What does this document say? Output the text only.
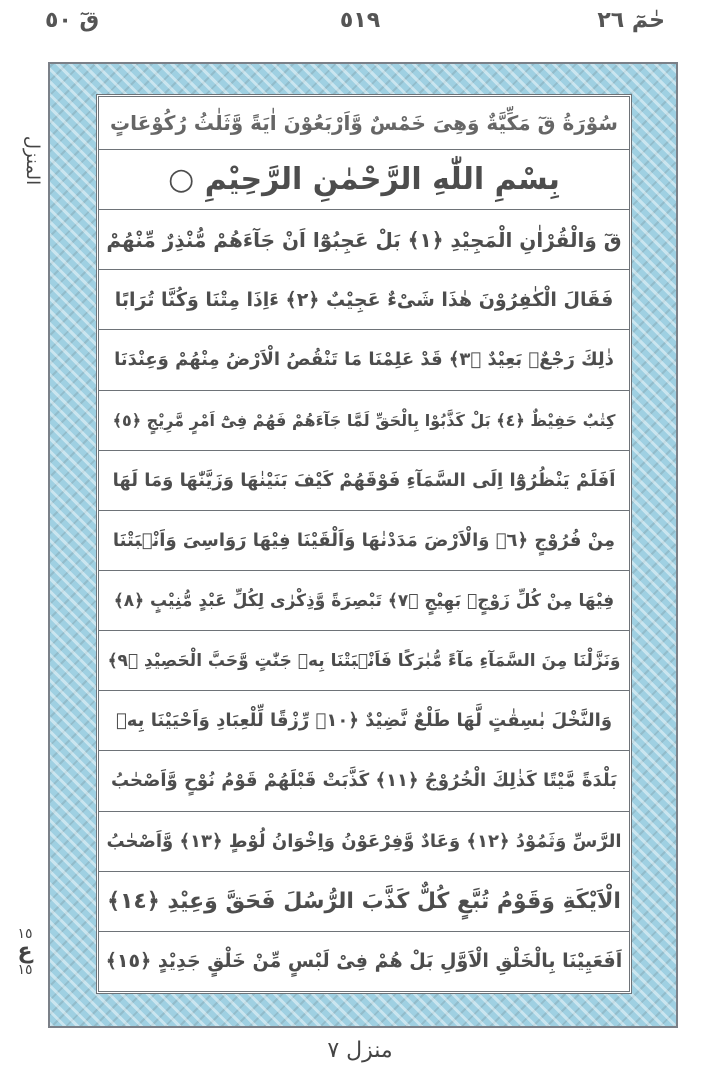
حٰمٓ ٢٦
٥١٩
قٓ ٥٠
المنزل
سُوْرَةُ قٓ مَكِّيَّةٌ وَهِیَ خَمْسٌ وَّاَرْبَعُوْنَ اٰيَةً وَّثَلٰثُ رُكُوْعَاتٍ
بِسْمِ اللّٰهِ الرَّحْمٰنِ الرَّحِيْمِ ○
قٓ وَالْقُرْاٰنِ الْمَجِيْدِ ﴿١﴾ بَلْ عَجِبُوْٓا اَنْ جَآءَهُمْ مُّنْذِرٌ مِّنْهُمْ
فَقَالَ الْكٰفِرُوْنَ هٰذَا شَیْءٌ عَجِيْبٌ ﴿٢﴾ ءَاِذَا مِتْنَا وَكُنَّا تُرَابًا
ذٰلِكَ رَجْعٌۢ بَعِيْدٌ ﴿٣﴾ قَدْ عَلِمْنَا مَا تَنْقُصُ الْاَرْضُ مِنْهُمْ وَعِنْدَنَا
كِتٰبٌ حَفِيْظٌ ﴿٤﴾ بَلْ كَذَّبُوْا بِالْحَقِّ لَمَّا جَآءَهُمْ فَهُمْ فِیْٓ اَمْرٍ مَّرِيْجٍ ﴿٥﴾
اَفَلَمْ يَنْظُرُوْٓا اِلَى السَّمَآءِ فَوْقَهُمْ كَيْفَ بَنَيْنٰهَا وَزَيَّنّٰهَا وَمَا لَهَا
مِنْ فُرُوْجٍ ﴿٦﴾ وَالْاَرْضَ مَدَدْنٰهَا وَاَلْقَيْنَا فِيْهَا رَوَاسِیَ وَاَنْۢبَتْنَا
فِيْهَا مِنْ كُلِّ زَوْجٍۢ بَهِيْجٍ ﴿٧﴾ تَبْصِرَةً وَّذِكْرٰی لِكُلِّ عَبْدٍ مُّنِيْبٍ ﴿٨﴾
وَنَزَّلْنَا مِنَ السَّمَآءِ مَآءً مُّبٰرَكًا فَاَنْۢبَتْنَا بِهٖ جَنّٰتٍ وَّحَبَّ الْحَصِيْدِ ﴿٩﴾
وَالنَّخْلَ بٰسِقٰتٍ لَّهَا طَلْعٌ نَّضِيْدٌ ﴿١٠﴾ رِّزْقًا لِّلْعِبَادِ وَاَحْيَيْنَا بِهٖ
بَلْدَةً مَّيْتًا كَذٰلِكَ الْخُرُوْجُ ﴿١١﴾ كَذَّبَتْ قَبْلَهُمْ قَوْمُ نُوْحٍ وَّاَصْحٰبُ
الرَّسِّ وَثَمُوْدُ ﴿١٢﴾ وَعَادٌ وَّفِرْعَوْنُ وَاِخْوَانُ لُوْطٍ ﴿١٣﴾ وَّاَصْحٰبُ
الْاَيْكَةِ وَقَوْمُ تُبَّعٍ كُلٌّ كَذَّبَ الرُّسُلَ فَحَقَّ وَعِيْدِ ﴿١٤﴾
اَفَعَيِيْنَا بِالْخَلْقِ الْاَوَّلِ بَلْ هُمْ فِیْ لَبْسٍ مِّنْ خَلْقٍ جَدِيْدٍ ﴿١٥﴾
١٥
ع
١٥
منزل ۷
